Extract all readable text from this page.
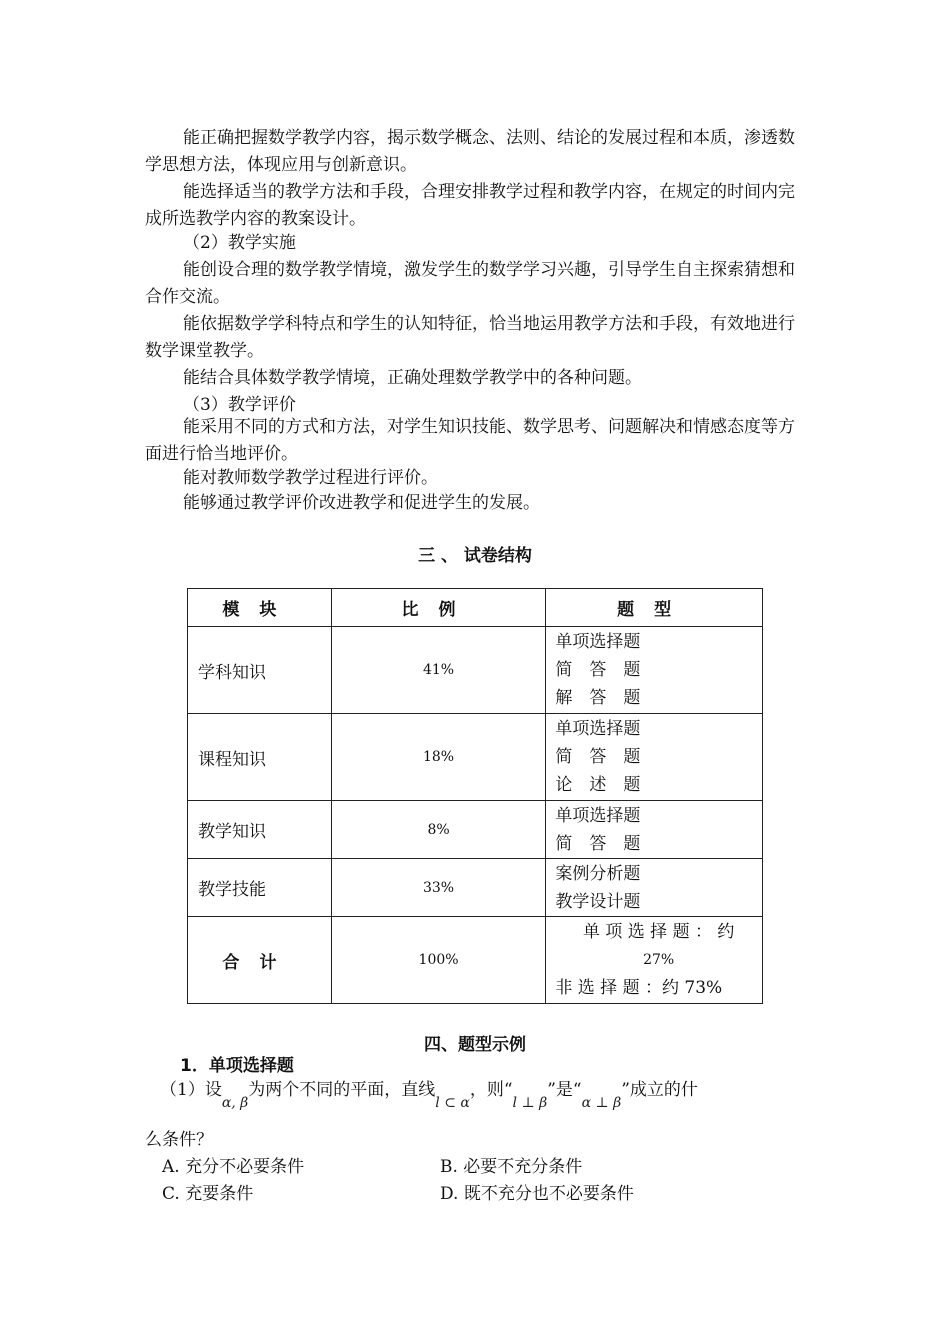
能正确把握数学教学内容，揭示数学概念、法则、结论的发展过程和本质，渗透数学思想方法，体现应用与创新意识。

能选择适当的教学方法和手段，合理安排教学过程和教学内容，在规定的时间内完成所选教学内容的教案设计。

（2）教学实施

能创设合理的数学教学情境，激发学生的数学学习兴趣，引导学生自主探索猜想和合作交流。

能依据数学学科特点和学生的认知特征，恰当地运用教学方法和手段，有效地进行数学课堂教学。

能结合具体数学教学情境，正确处理数学教学中的各种问题。

（3）教学评价

能采用不同的方式和方法，对学生知识技能、数学思考、问题解决和情感态度等方面进行恰当地评价。

能对教师数学教学过程进行评价。

能够通过教学评价改进教学和促进学生的发展。

三 、 试卷结构

模块	比例	题型
学科知识	41%	单项选择题
简　答　题
解　答　题

课程知识	18%	单项选择题
简　答　题
论　述　题

教学知识	8%	单项选择题
简　答　题

教学技能	33%	案例分析题
教学设计题

合计	100%	单 项 选 择 题 ： 约
27%
非 选 择 题 ：约 73%

四、题型示例

1．单项选择题

（1）设$_{\alpha, \beta}$为两个不同的平面，直线$_{l \subset \alpha}$，则“$_{l \perp \beta}$”是“$_{\alpha \perp \beta}$”成立的什

么条件？

A. 充分不必要条件	B. 必要不充分条件
C. 充要条件	D. 既不充分也不必要条件
